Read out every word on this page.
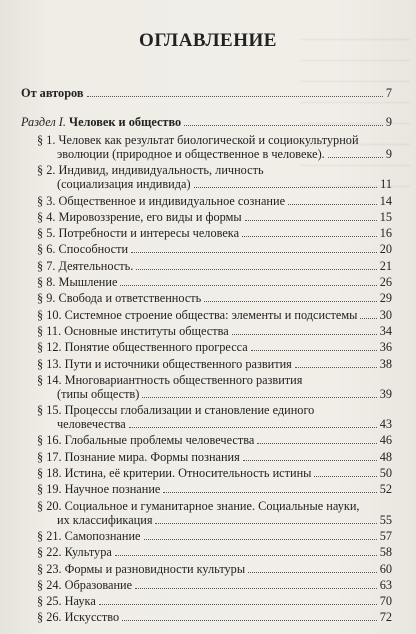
ОГЛАВЛЕНИЕ
От авторов	7
Раздел I. Человек и общество	9
§ 1. Человек как результат биологической и социокультурной
эволюции (природное и общественное в человеке).	9
§ 2. Индивид, индивидуальность, личность
(социализация индивида)	11
§ 3. Общественное и индивидуальное сознание	14
§ 4. Мировоззрение, его виды и формы	15
§ 5. Потребности и интересы человека	16
§ 6. Способности	20
§ 7. Деятельность.	21
§ 8. Мышление	26
§ 9. Свобода и ответственность	29
§ 10. Системное строение общества: элементы и подсистемы 30
§ 11. Основные институты общества	34
§ 12. Понятие общественного прогресса	36
§ 13. Пути и источники общественного развития	38
§ 14. Многовариантность общественного развития
(типы обществ)	39
§ 15. Процессы глобализации и становление единого
человечества	43
§ 16. Глобальные проблемы человечества	46
§ 17. Познание мира. Формы познания	48
§ 18. Истина, её критерии. Относительность истины	50
§ 19. Научное познание	52
§ 20. Социальное и гуманитарное знание. Социальные науки,
их классификация	55
§ 21. Самопознание	57
§ 22. Культура	58
§ 23. Формы и разновидности культуры	60
§ 24. Образование	63
§ 25. Наука	70
§ 26. Искусство	72
